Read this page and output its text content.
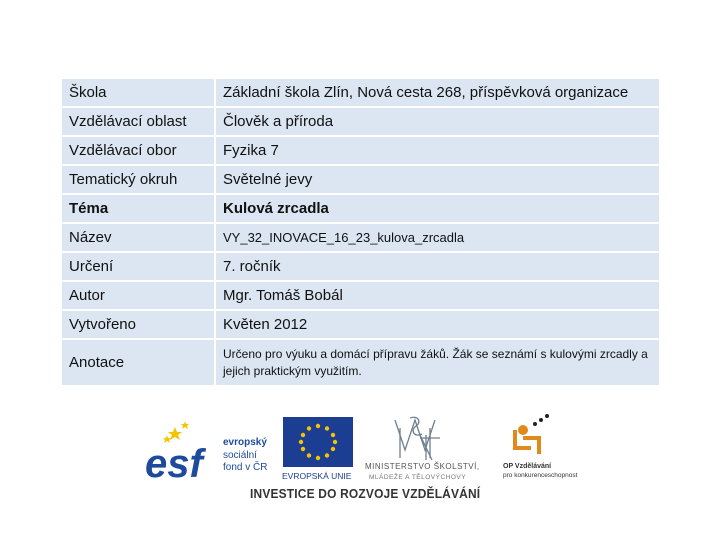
Škola	Základní škola Zlín, Nová cesta 268, příspěvková organizace
Vzdělávací oblast	Člověk a příroda
Vzdělávací obor	Fyzika 7
Tematický okruh	Světelné jevy
Téma	Kulová zrcadla
Název	VY_32_INOVACE_16_23_kulova_zrcadla
Určení	7. ročník
Autor	Mgr. Tomáš Bobál
Vytvořeno	Květen 2012
Anotace	Určeno pro výuku a domácí přípravu žáků. Žák se seznámí s kulovými zrcadly a jejich praktickým využitím.
esf	evropský
sociální
fond v ČR
EVROPSKÁ UNIE
MINISTERSTVO ŠKOLSTVÍ,
MLÁDEŽE A TĚLOVÝCHOVY
OP Vzdělávání
pro konkurenceschopnost
INVESTICE DO ROZVOJE VZDĚLÁVÁNÍ
